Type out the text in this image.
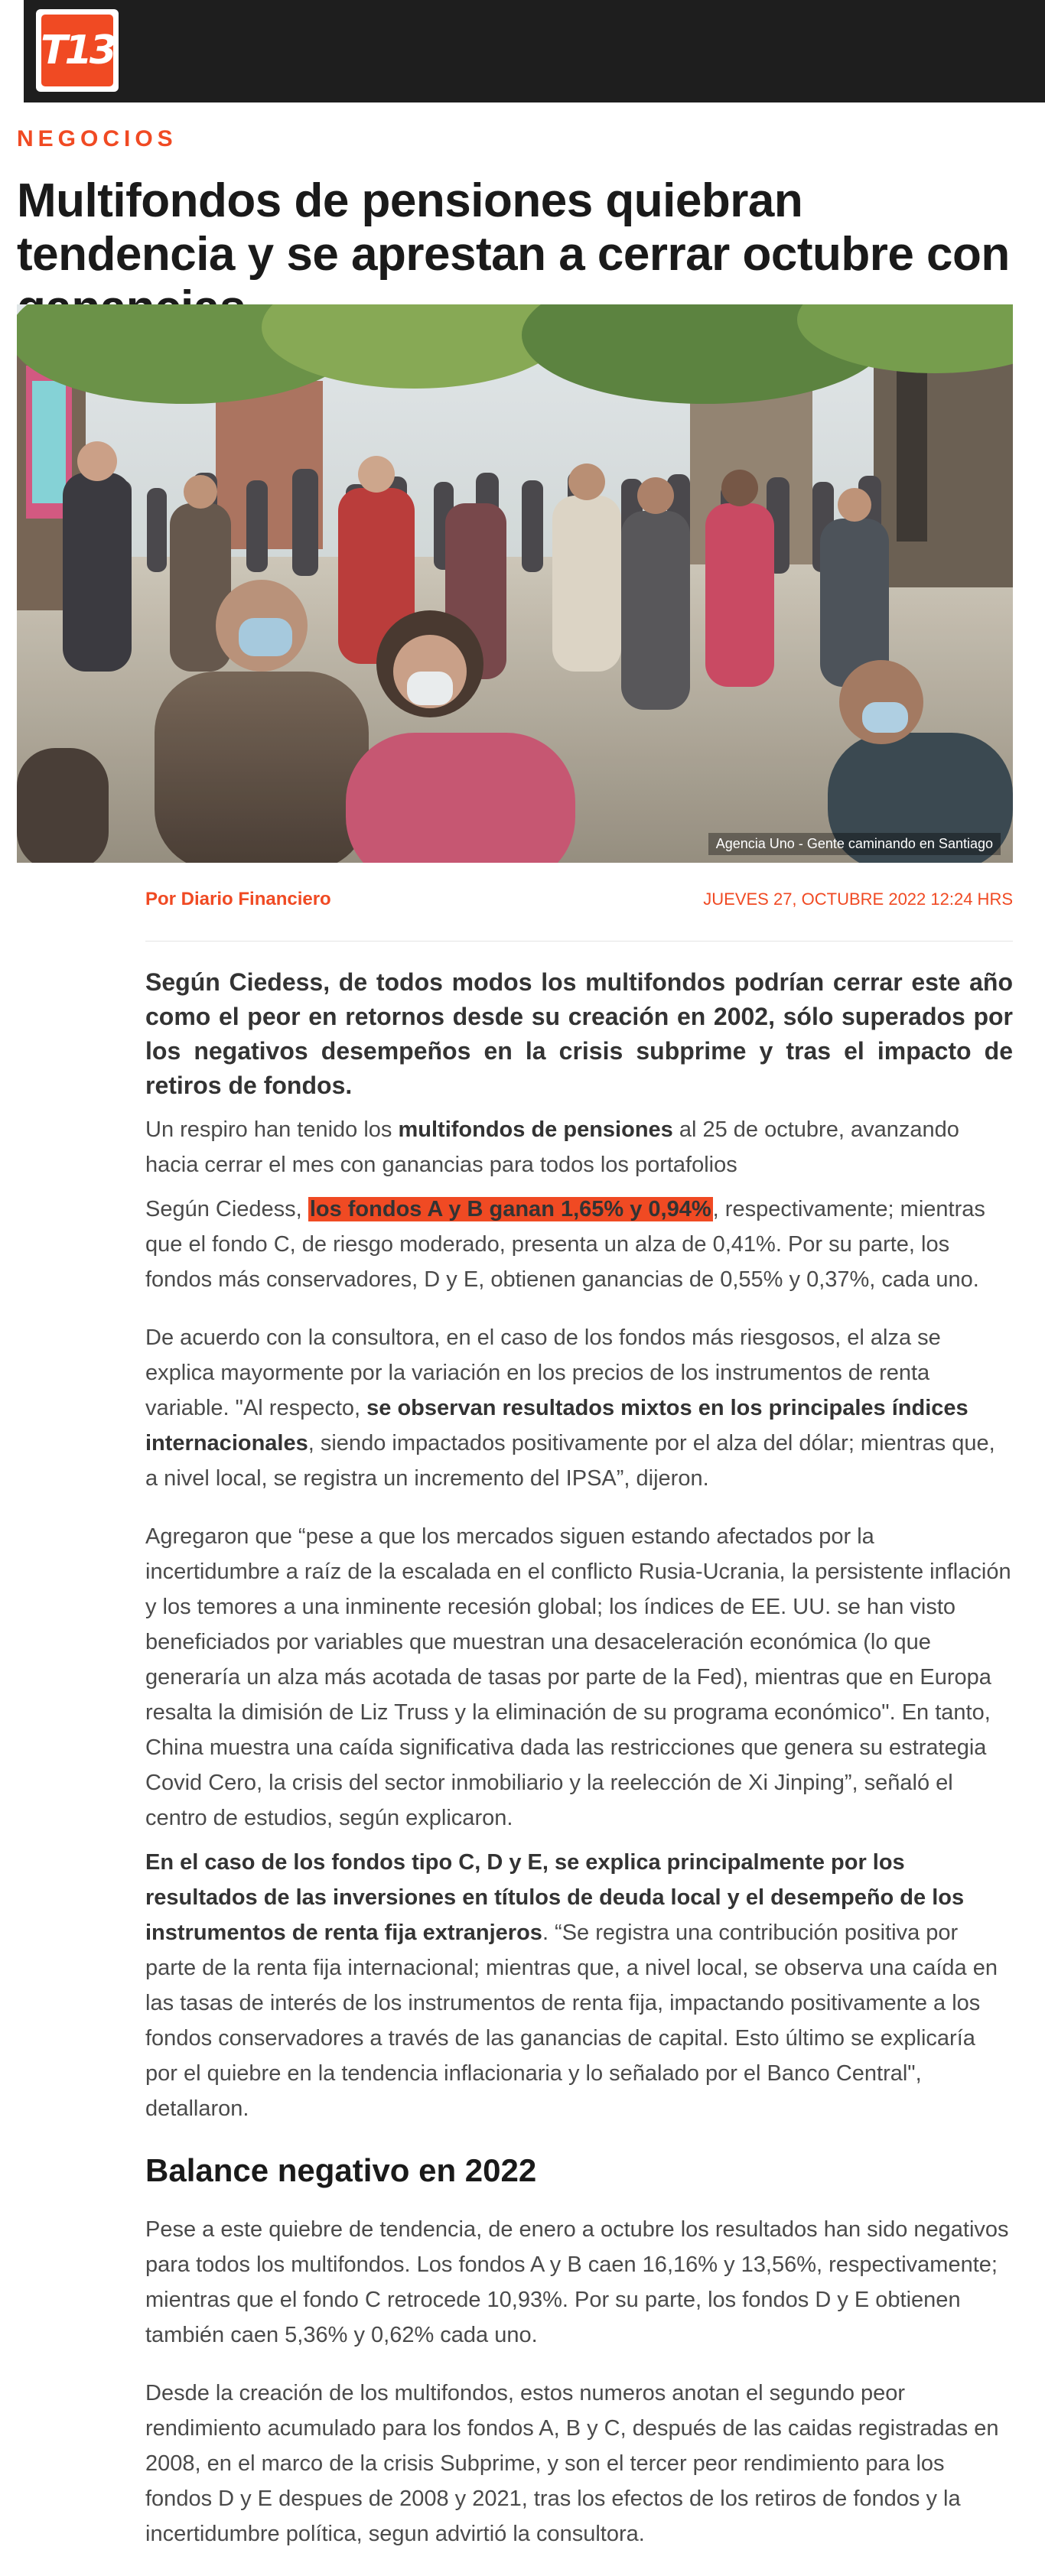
T13
NEGOCIOS
Multifondos de pensiones quiebran tendencia y se aprestan a cerrar octubre con
Agencia Uno - Gente caminando en Santiago
Por Diario Financiero	JUEVES 27, OCTUBRE 2022 12:24 HRS

Según Ciedess, de todos modos los multifondos podrían cerrar este año como el peor en retornos desde su creación en 2002, sólo superados por los negativos desempeños en la crisis subprime y tras el impacto de retiros de fondos.

Un respiro han tenido los multifondos de pensiones al 25 de octubre, avanzando hacia cerrar el mes con ganancias para todos los portafolios

Según Ciedess, los fondos A y B ganan 1,65% y 0,94%, respectivamente; mientras que el fondo C, de riesgo moderado, presenta un alza de 0,41%. Por su parte, los fondos más conservadores, D y E, obtienen ganancias de 0,55% y 0,37%, cada uno.

De acuerdo con la consultora, en el caso de los fondos más riesgosos, el alza se explica mayormente por la variación en los precios de los instrumentos de renta variable. "Al respecto, se observan resultados mixtos en los principales índices internacionales, siendo impactados positivamente por el alza del dólar; mientras que, a nivel local, se registra un incremento del IPSA”, dijeron.

Agregaron que “pese a que los mercados siguen estando afectados por la incertidumbre a raíz de la escalada en el conflicto Rusia-Ucrania, la persistente inflación y los temores a una inminente recesión global; los índices de EE. UU. se han visto beneficiados por variables que muestran una desaceleración económica (lo que generaría un alza más acotada de tasas por parte de la Fed), mientras que en Europa resalta la dimisión de Liz Truss y la eliminación de su programa económico". En tanto, China muestra una caída significativa dada las restricciones que genera su estrategia Covid Cero, la crisis del sector inmobiliario y la reelección de Xi Jinping”, señaló el centro de estudios, según explicaron.

En el caso de los fondos tipo C, D y E, se explica principalmente por los resultados de las inversiones en títulos de deuda local y el desempeño de los instrumentos de renta fija extranjeros. “Se registra una contribución positiva por parte de la renta fija internacional; mientras que, a nivel local, se observa una caída en las tasas de interés de los instrumentos de renta fija, impactando positivamente a los fondos conservadores a través de las ganancias de capital. Esto último se explicaría por el quiebre en la tendencia inflacionaria y lo señalado por el Banco Central", detallaron.

Balance negativo en 2022

Pese a este quiebre de tendencia, de enero a octubre los resultados han sido negativos para todos los multifondos. Los fondos A y B caen 16,16% y 13,56%, respectivamente; mientras que el fondo C retrocede 10,93%. Por su parte, los fondos D y E obtienen también caen 5,36% y 0,62% cada uno.

Desde la creación de los multifondos, estos numeros anotan el segundo peor rendimiento acumulado para los fondos A, B y C, después de las caidas registradas en 2008, en el marco de la crisis Subprime, y son el tercer peor rendimiento para los fondos D y E despues de 2008 y 2021, tras los efectos de los retiros de fondos y la incertidumbre política, segun advirtió la consultora.
